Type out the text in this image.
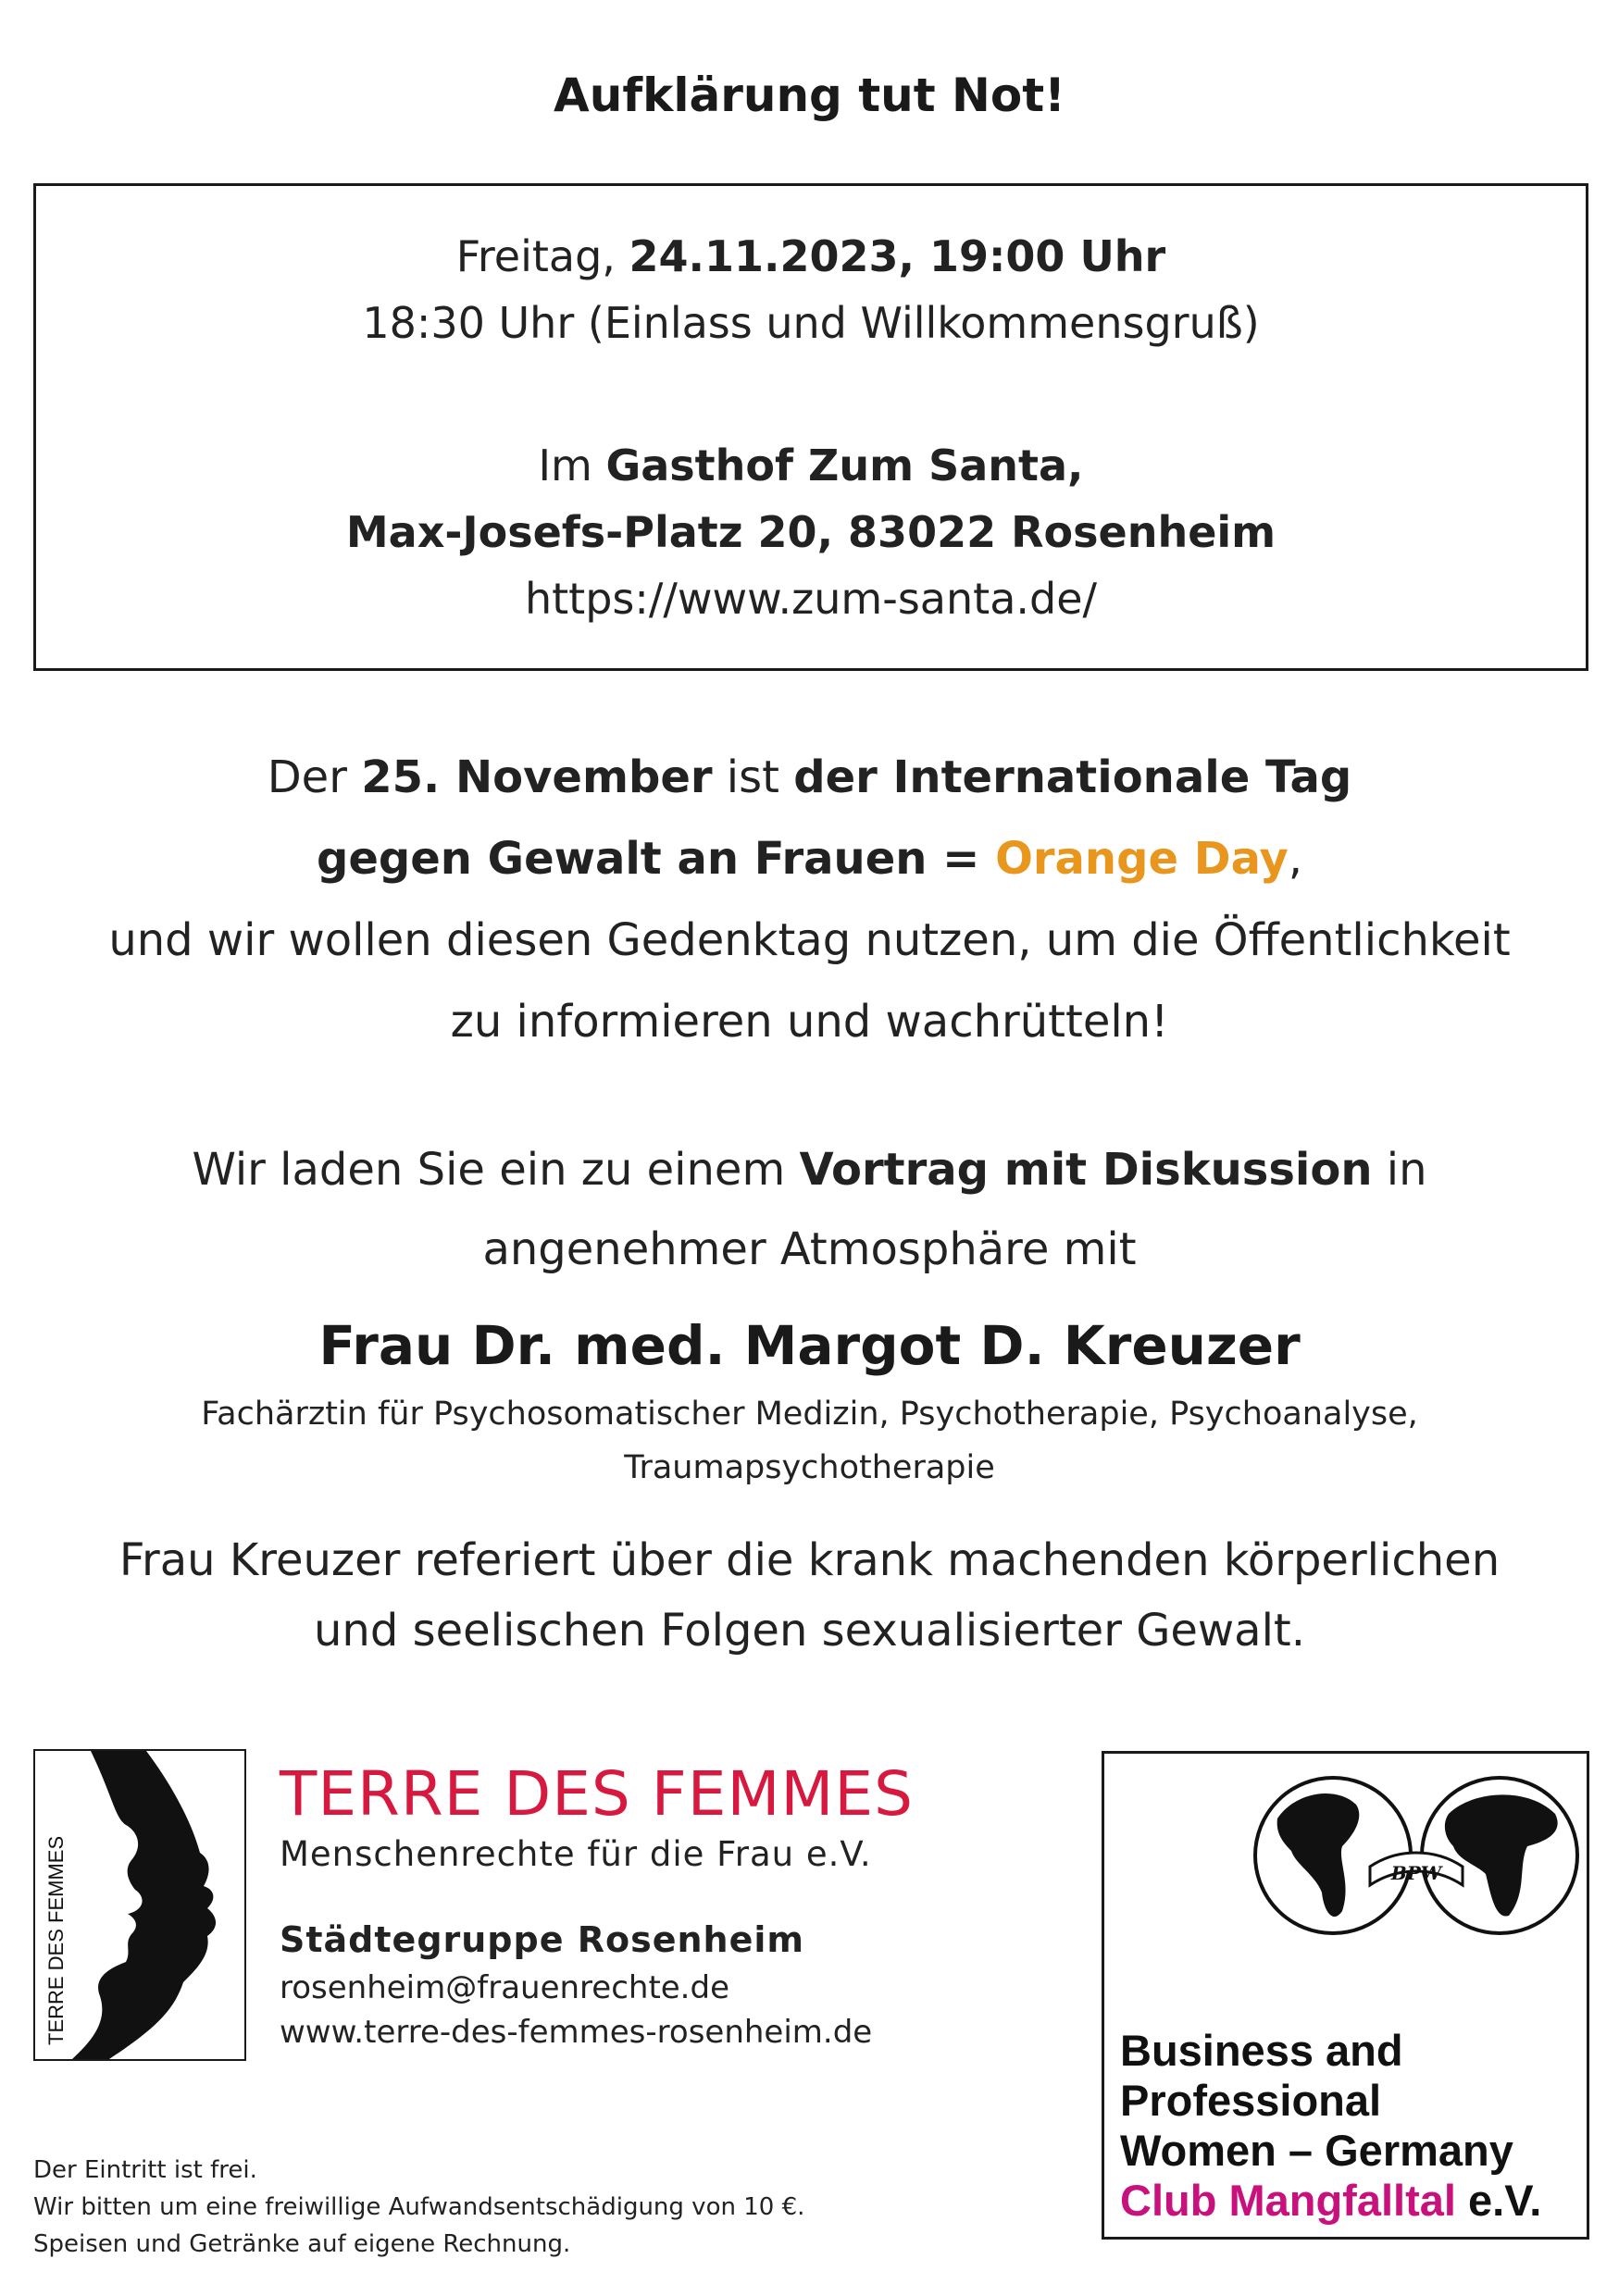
Aufklärung tut Not!
Freitag, 24.11.2023, 19:00 Uhr
18:30 Uhr (Einlass und Willkommensgruß)
Im Gasthof Zum Santa,
Max-Josefs-Platz 20, 83022 Rosenheim
https://www.zum-santa.de/
Der 25. November ist der Internationale Tag
gegen Gewalt an Frauen = Orange Day,
und wir wollen diesen Gedenktag nutzen, um die Öffentlichkeit
zu informieren und wachrütteln!
Wir laden Sie ein zu einem Vortrag mit Diskussion in
angenehmer Atmosphäre mit
Frau Dr. med. Margot D. Kreuzer
Fachärztin für Psychosomatischer Medizin, Psychotherapie, Psychoanalyse,
Traumapsychotherapie
Frau Kreuzer referiert über die krank machenden körperlichen
und seelischen Folgen sexualisierter Gewalt.
TERRE DES FEMMES
TERRE DES FEMMES
Menschenrechte für die Frau e.V.
Städtegruppe Rosenheim
rosenheim@frauenrechte.de
www.terre-des-femmes-rosenheim.de
BPW
Business and
Professional
Women – Germany
Club Mangfalltal e.V.
Der Eintritt ist frei.
Wir bitten um eine freiwillige Aufwandsentschädigung von 10 €.
Speisen und Getränke auf eigene Rechnung.
